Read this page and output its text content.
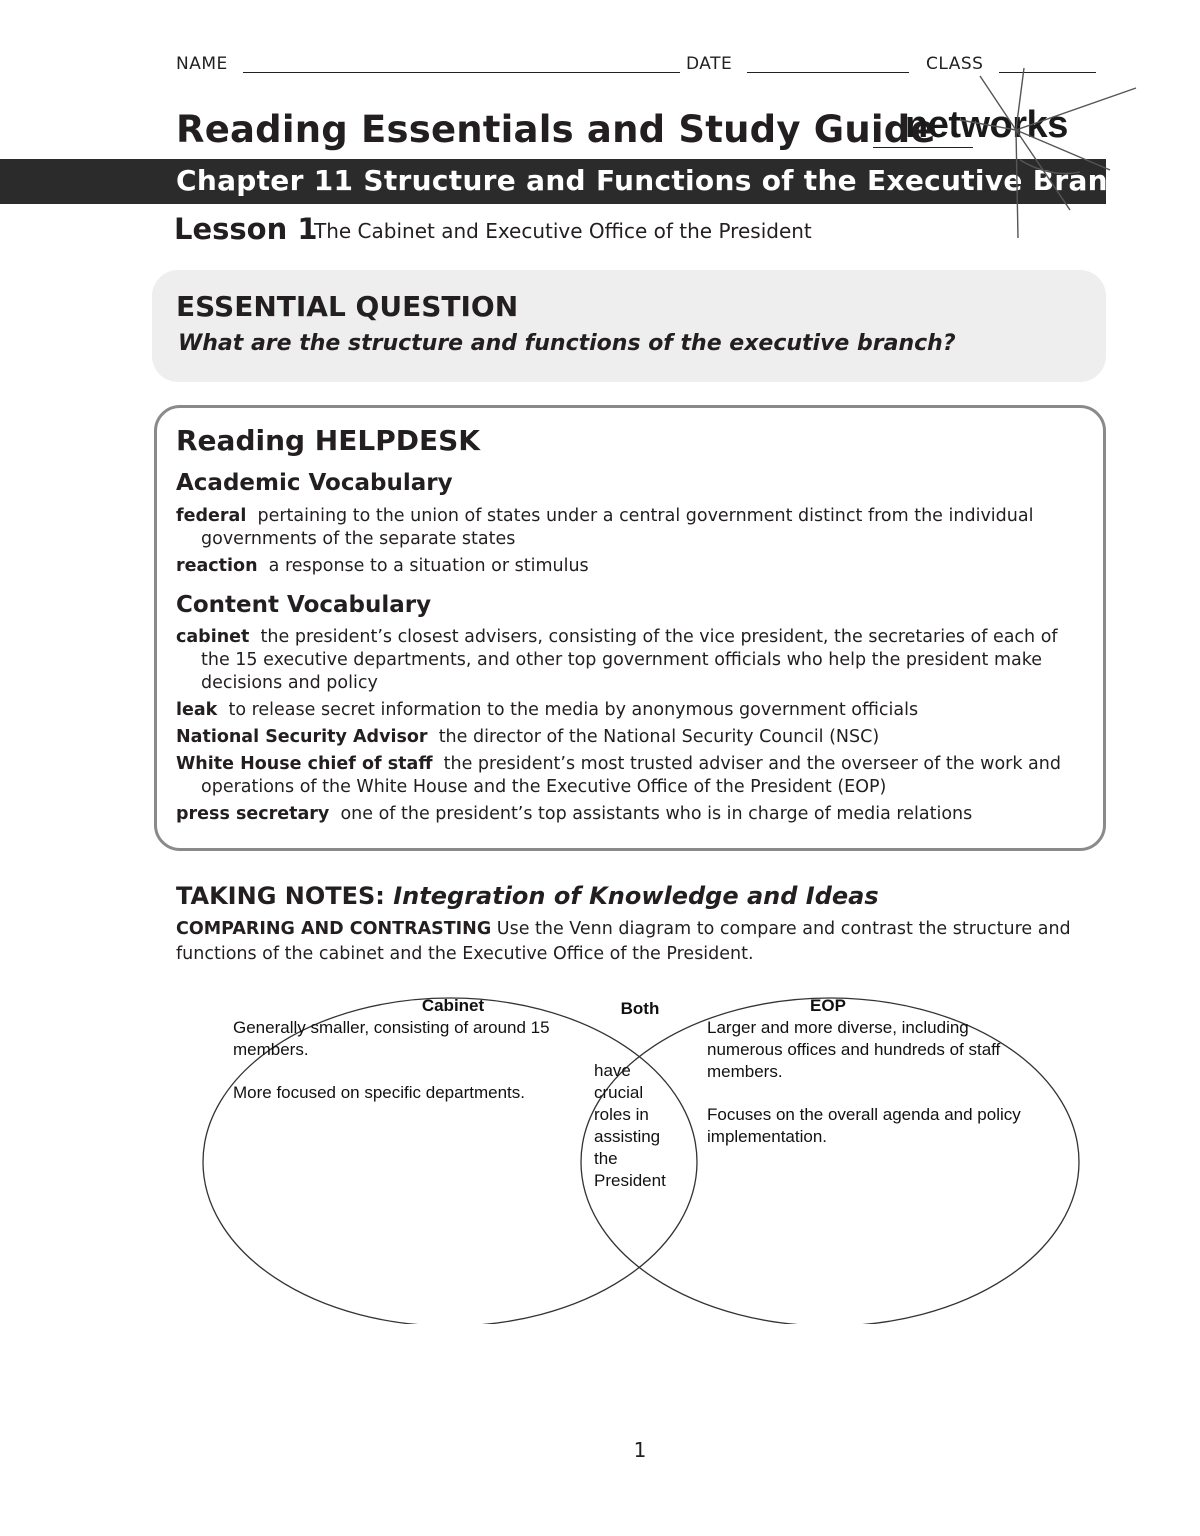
NAME	DATE	CLASS
Reading Essentials and Study Guide
networks
Chapter 11 Structure and Functions of the Executive Branch
Lesson 1
The Cabinet and Executive Office of the President
ESSENTIAL QUESTION
What are the structure and functions of the executive branch?
Reading HELPDESK
Academic Vocabulary
federal pertaining to the union of states under a central government distinct from the individual governments of the separate states
reaction a response to a situation or stimulus
Content Vocabulary
cabinet the president’s closest advisers, consisting of the vice president, the secretaries of each of the 15 executive departments, and other top government officials who help the president make decisions and policy
leak to release secret information to the media by anonymous government officials
National Security Advisor the director of the National Security Council (NSC)
White House chief of staff the president’s most trusted adviser and the overseer of the work and operations of the White House and the Executive Office of the President (EOP)
press secretary one of the president’s top assistants who is in charge of media relations
TAKING NOTES: Integration of Knowledge and Ideas
COMPARING AND CONTRASTING Use the Venn diagram to compare and contrast the structure and functions of the cabinet and the Executive Office of the President.
Cabinet	Both	EOP

Generally smaller, consisting of around 15 members.

More focused on specific departments.

have crucial roles in assisting the President

Larger and more diverse, including numerous offices and hundreds of staff members.

Focuses on the overall agenda and policy implementation.

1
